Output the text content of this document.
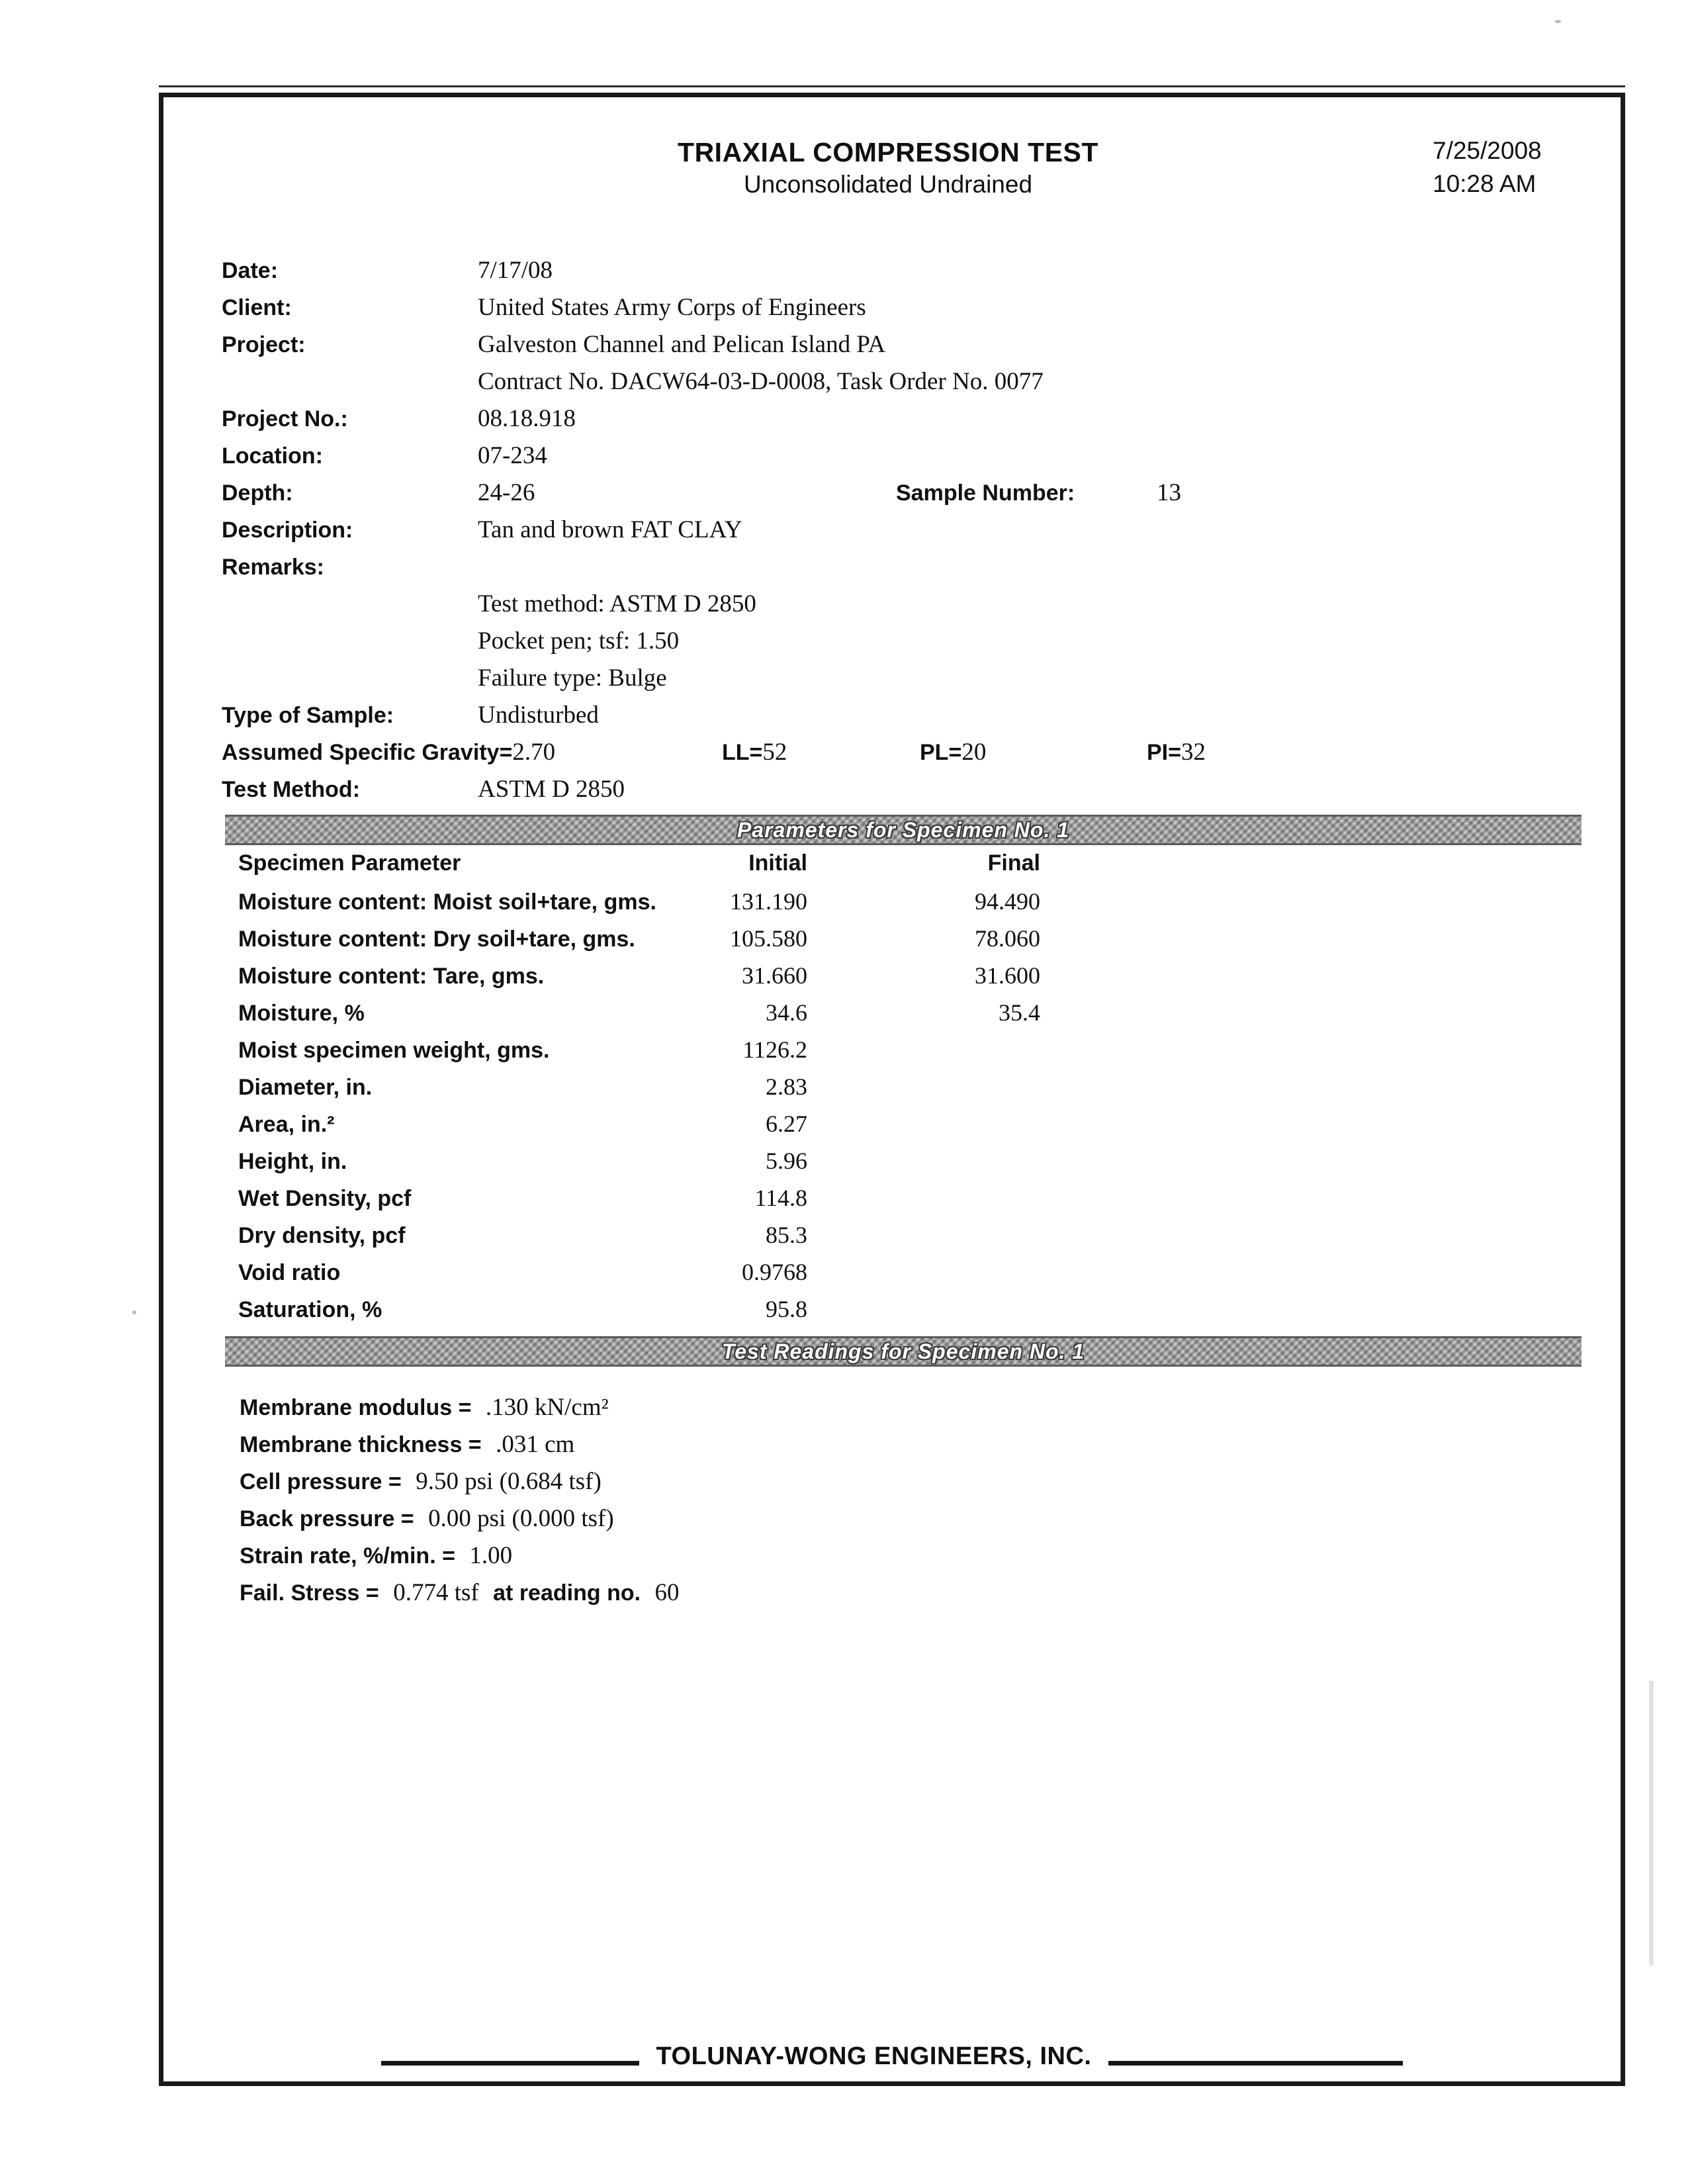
7/25/2008
10:28 AM
TRIAXIAL COMPRESSION TEST
Unconsolidated Undrained
Date:	7/17/08
Client:	United States Army Corps of Engineers
Project:	Galveston Channel and Pelican Island PA
Contract No. DACW64-03-D-0008, Task Order No. 0077
Project No.:	08.18.918
Location:	07-234
Depth:	24-26	Sample Number:	13
Description:	Tan and brown FAT CLAY
Remarks:
Test method: ASTM D 2850
Pocket pen; tsf: 1.50
Failure type: Bulge
Type of Sample:	Undisturbed
Assumed Specific Gravity=2.70	LL=52	PL=20	PI=32
Test Method:	ASTM D 2850
Parameters for Specimen No. 1
Specimen Parameter	Initial	Final
Moisture content: Moist soil+tare, gms.	131.190	94.490
Moisture content: Dry soil+tare, gms.	105.580	78.060
Moisture content: Tare, gms.	31.660	31.600
Moisture, %	34.6	35.4
Moist specimen weight, gms.	1126.2
Diameter, in.	2.83
Area, in.²	6.27
Height, in.	5.96
Wet Density, pcf	114.8
Dry density, pcf	85.3
Void ratio	0.9768
Saturation, %	95.8
Test Readings for Specimen No. 1
Membrane modulus = .130 kN/cm²
Membrane thickness = .031 cm
Cell pressure = 9.50 psi (0.684 tsf)
Back pressure = 0.00 psi (0.000 tsf)
Strain rate, %/min. = 1.00
Fail. Stress = 0.774 tsf at reading no. 60
TOLUNAY-WONG ENGINEERS, INC.
